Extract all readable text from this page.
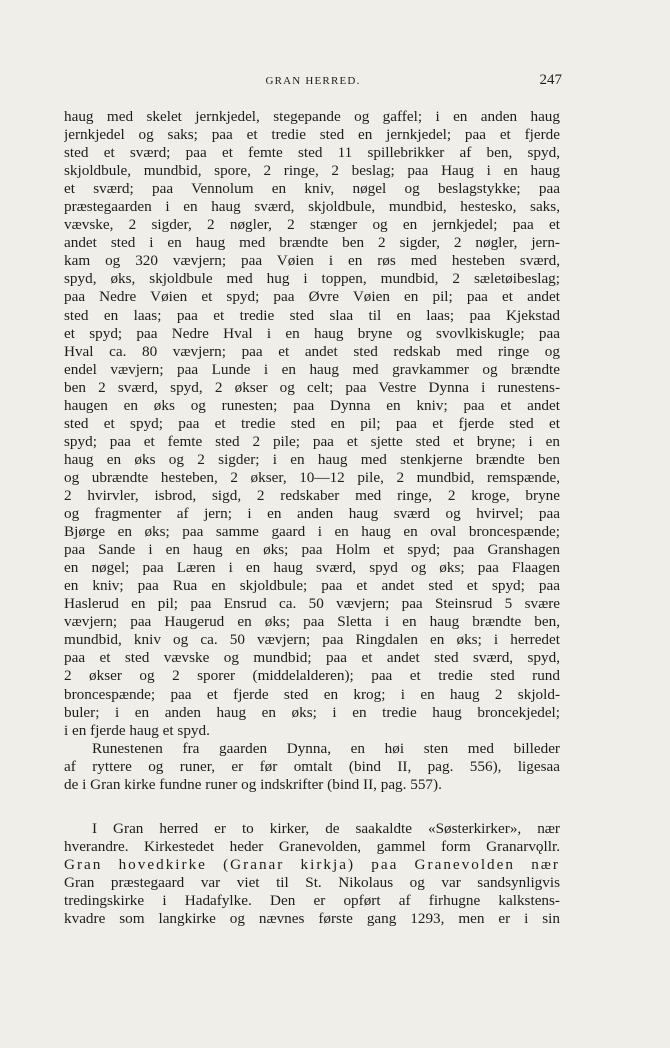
GRAN HERRED.	247
haug med skelet jernkjedel, stegepande og gaffel; i en anden haug
jernkjedel og saks; paa et tredie sted en jernkjedel; paa et fjerde
sted et sværd; paa et femte sted 11 spillebrikker af ben, spyd,
skjoldbule, mundbid, spore, 2 ringe, 2 beslag; paa Haug i en haug
et sværd; paa Vennolum en kniv, nøgel og beslagstykke; paa
præstegaarden i en haug sværd, skjoldbule, mundbid, hestesko, saks,
vævske, 2 sigder, 2 nøgler, 2 stænger og en jernkjedel; paa et
andet sted i en haug med brændte ben 2 sigder, 2 nøgler, jern-
kam og 320 vævjern; paa Vøien i en røs med hesteben sværd,
spyd, øks, skjoldbule med hug i toppen, mundbid, 2 sæletøibeslag;
paa Nedre Vøien et spyd; paa Øvre Vøien en pil; paa et andet
sted en laas; paa et tredie sted slaa til en laas; paa Kjekstad
et spyd; paa Nedre Hval i en haug bryne og svovlkiskugle; paa
Hval ca. 80 vævjern; paa et andet sted redskab med ringe og
endel vævjern; paa Lunde i en haug med gravkammer og brændte
ben 2 sværd, spyd, 2 økser og celt; paa Vestre Dynna i runestens-
haugen en øks og runesten; paa Dynna en kniv; paa et andet
sted et spyd; paa et tredie sted en pil; paa et fjerde sted et
spyd; paa et femte sted 2 pile; paa et sjette sted et bryne; i en
haug en øks og 2 sigder; i en haug med stenkjerne brændte ben
og ubrændte hesteben, 2 økser, 10—12 pile, 2 mundbid, remspænde,
2 hvirvler, isbrod, sigd, 2 redskaber med ringe, 2 kroge, bryne
og fragmenter af jern; i en anden haug sværd og hvirvel; paa
Bjørge en øks; paa samme gaard i en haug en oval broncespænde;
paa Sande i en haug en øks; paa Holm et spyd; paa Granshagen
en nøgel; paa Læren i en haug sværd, spyd og øks; paa Flaagen
en kniv; paa Rua en skjoldbule; paa et andet sted et spyd; paa
Haslerud en pil; paa Ensrud ca. 50 vævjern; paa Steinsrud 5 svære
vævjern; paa Haugerud en øks; paa Sletta i en haug brændte ben,
mundbid, kniv og ca. 50 vævjern; paa Ringdalen en øks; i herredet
paa et sted vævske og mundbid; paa et andet sted sværd, spyd,
2 økser og 2 sporer (middelalderen); paa et tredie sted rund
broncespænde; paa et fjerde sted en krog; i en haug 2 skjold-
buler; i en anden haug en øks; i en tredie haug broncekjedel;
i en fjerde haug et spyd.
Runestenen fra gaarden Dynna, en høi sten med billeder
af ryttere og runer, er før omtalt (bind II, pag. 556), ligesaa
de i Gran kirke fundne runer og indskrifter (bind II, pag. 557).
I Gran herred er to kirker, de saakaldte «Søsterkirker», nær
hverandre. Kirkestedet heder Granevolden, gammel form Granarvǫllr.
Gran hovedkirke (Granar kirkja) paa Granevolden nær
Gran præstegaard var viet til St. Nikolaus og var sandsynligvis
tredingskirke i Hadafylke. Den er opført af firhugne kalkstens-
kvadre som langkirke og nævnes første gang 1293, men er i sin
